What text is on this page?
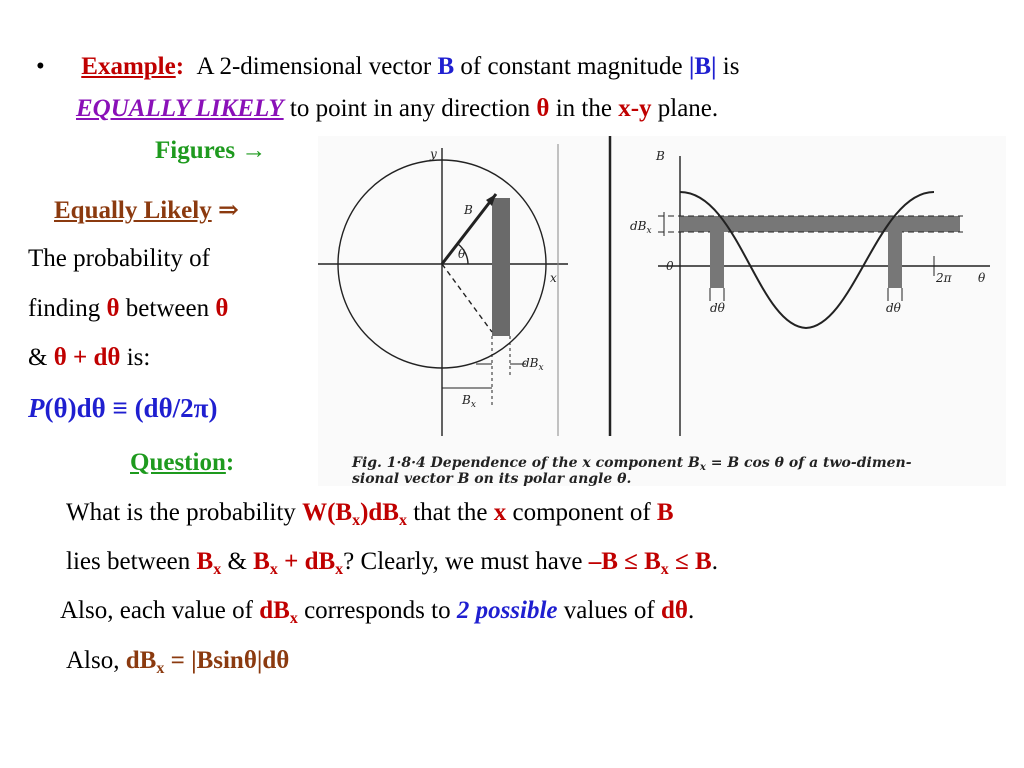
• Example: A 2-dimensional vector B of constant magnitude |B| is
EQUALLY LIKELY to point in any direction θ in the x-y plane.
Figures →
Equally Likely ⇒
The probability of
finding θ between θ
& θ + dθ is:
P(θ)dθ ≡ (dθ/2π)
Question:
What is the probability $W(B_x)dB_x$ that the x component of B
lies between $B_x$ & $B_x + dB_x$? Clearly, we must have $-B \le B_x \le B$.
Also, each value of $dB_x$ corresponds to 2 possible values of dθ.
Also, $dB_x = |Bsin\theta|d\theta$
y
x
B
θ
$dB_x$
$B_x$
B
$dB_x$
0
2π θ
dθ	dθ
Fig. 1·8·4 Dependence of the x component $B_x = B$ cos θ of a two-dimen-
sional vector B on its polar angle θ.
